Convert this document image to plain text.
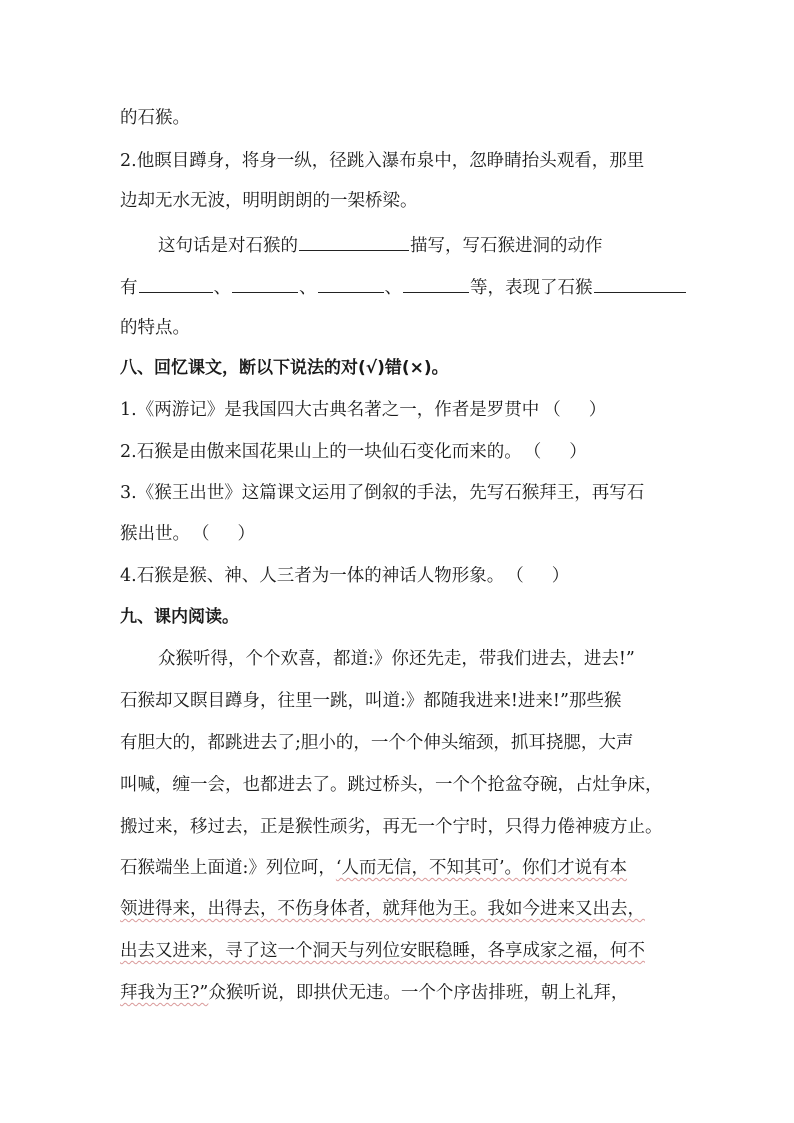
的石猴。
2.他瞑目蹲身，将身一纵，径跳入瀑布泉中，忽睁睛抬头观看，那里
边却无水无波，明明朗朗的一架桥梁。
这句话是对石猴的	描写，写石猴进洞的动作
有	、	、	、	等，表现了石猴
的特点。
八、回忆课文，断以下说法的对(√)错(×)。
1.《两游记》是我国四大古典名著之一，作者是罗贯中 （ ）
2.石猴是由傲来国花果山上的一块仙石变化而来的。 （ ）
3.《猴王出世》这篇课文运用了倒叙的手法，先写石猴拜王，再写石
猴出世。 （ ）
4.石猴是猴、神、人三者为一体的神话人物形象。 （ ）
九、课内阅读。
众猴听得，个个欢喜，都道:》你还先走，带我们进去，进去!”
石猴却又瞑目蹲身，往里一跳，叫道:》都随我进来!进来!”那些猴
有胆大的，都跳进去了;胆小的，一个个伸头缩颈，抓耳挠腮，大声
叫喊，缠一会，也都进去了。跳过桥头，一个个抢盆夺碗，占灶争床，
搬过来，移过去，正是猴性顽劣，再无一个宁时，只得力倦神疲方止。
石猴端坐上面道:》列位呵，‘人而无信，不知其可’。你们才说有本
领进得来，出得去，不伤身体者，就拜他为王。我如今进来又出去，
出去又进来，寻了这一个洞天与列位安眠稳睡，各享成家之福，何不
拜我为王?”众猴听说，即拱伏无违。一个个序齿排班，朝上礼拜，
